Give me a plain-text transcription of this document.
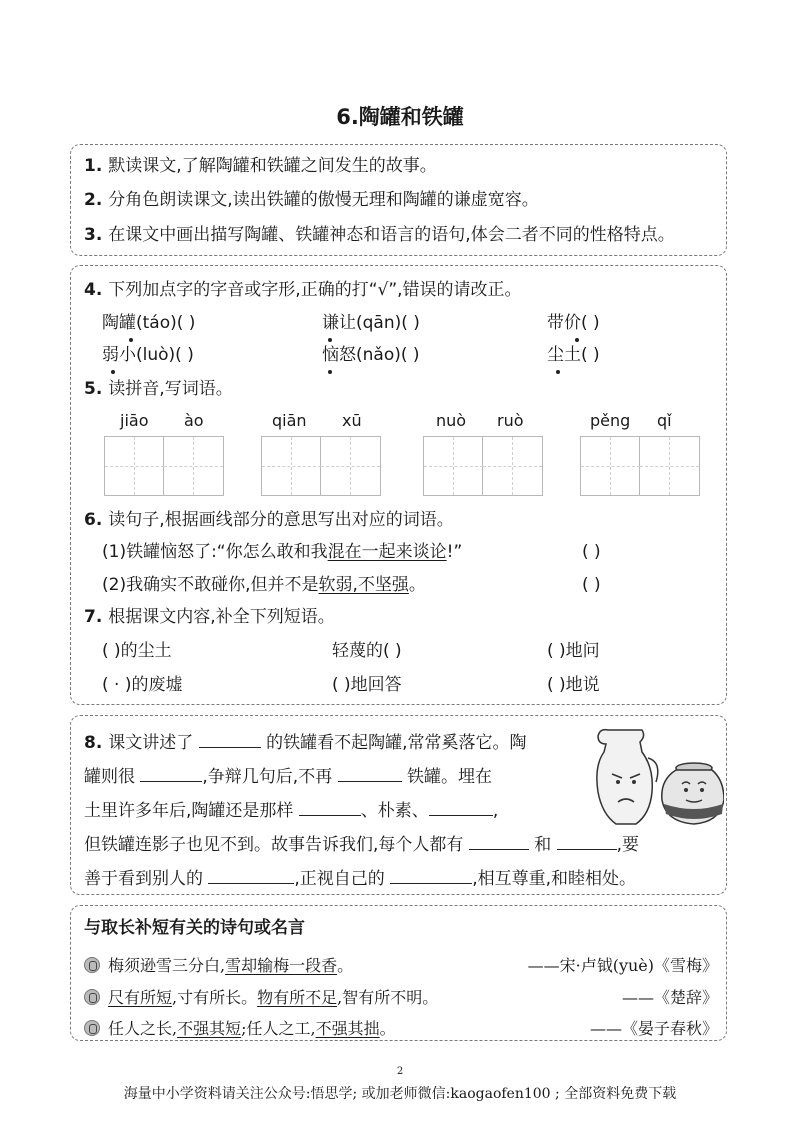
6.陶罐和铁罐
1. 默读课文,了解陶罐和铁罐之间发生的故事。
2. 分角色朗读课文,读出铁罐的傲慢无理和陶罐的谦虚宽容。
3. 在课文中画出描写陶罐、铁罐神态和语言的语句,体会二者不同的性格特点。
4. 下列加点字的字音或字形,正确的打“√”,错误的请改正。
陶罐(táo)( )	谦让(qān)( )	带价( )
弱小(luò)( )	恼怒(nǎo)( )	尘土( )
5. 读拼音,写词语。
jiāo ào	qiān xū	nuò ruò	pěng qǐ
6. 读句子,根据画线部分的意思写出对应的词语。
(1)铁罐恼怒了:“你怎么敢和我混在一起来谈论!”	( )
(2)我确实不敢碰你,但并不是软弱,不坚强。	( )
7. 根据课文内容,补全下列短语。
( )的尘土	轻蔑的( )	( )地问
( · )的废墟	( )地回答	( )地说
8. 课文讲述了	的铁罐看不起陶罐,常常奚落它。陶
罐则很	,争辩几句后,不再	铁罐。埋在
土里许多年后,陶罐还是那样	、朴素、	,
但铁罐连影子也见不到。故事告诉我们,每个人都有	和	,要
善于看到别人的	,正视自己的	,相互尊重,和睦相处。
与取长补短有关的诗句或名言
梅须逊雪三分白,雪却输梅一段香。	——宋·卢钺(yuè)《雪梅》
尺有所短,寸有所长。物有所不足,智有所不明。	——《楚辞》
任人之长,不强其短;任人之工,不强其拙。	——《晏子春秋》
2
海量中小学资料请关注公众号:悟思学; 或加老师微信:kaogaofen100 ; 全部资料免费下载
